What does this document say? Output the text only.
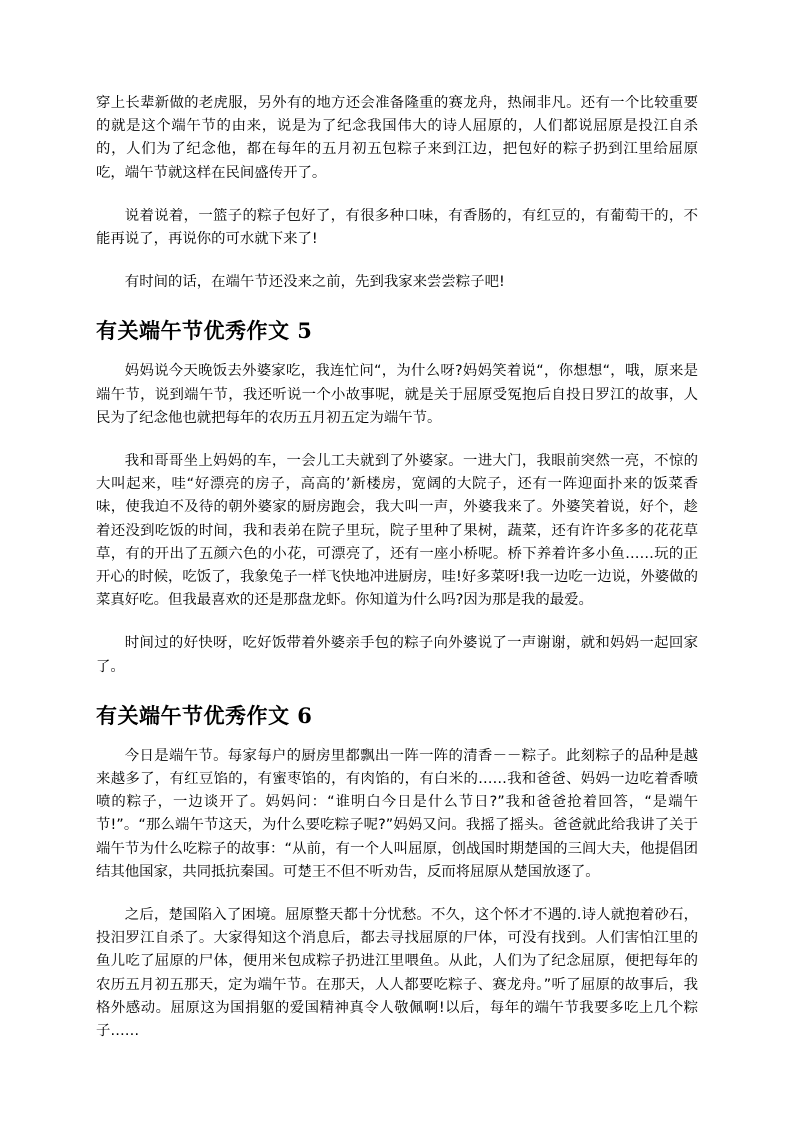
穿上长辈新做的老虎服，另外有的地方还会准备隆重的赛龙舟，热闹非凡。还有一个比较重要的就是这个端午节的由来，说是为了纪念我国伟大的诗人屈原的，人们都说屈原是投江自杀的，人们为了纪念他，都在每年的五月初五包粽子来到江边，把包好的粽子扔到江里给屈原吃，端午节就这样在民间盛传开了。

说着说着，一篮子的粽子包好了，有很多种口味，有香肠的，有红豆的，有葡萄干的，不能再说了，再说你的可水就下来了!

有时间的话，在端午节还没来之前，先到我家来尝尝粽子吧!

有关端午节优秀作文 5

妈妈说今天晚饭去外婆家吃，我连忙问“，为什么呀?妈妈笑着说“，你想想“，哦，原来是端午节，说到端午节，我还听说一个小故事呢，就是关于屈原受冤抱后自投日罗江的故事，人民为了纪念他也就把每年的农历五月初五定为端午节。

我和哥哥坐上妈妈的车，一会儿工夫就到了外婆家。一进大门，我眼前突然一亮，不惊的大叫起来，哇“好漂亮的房子，高高的’新楼房，宽阔的大院子，还有一阵迎面扑来的饭菜香味，使我迫不及待的朝外婆家的厨房跑会，我大叫一声，外婆我来了。外婆笑着说，好个，趁着还没到吃饭的时间，我和表弟在院子里玩，院子里种了果树，蔬菜，还有许许多多的花花草草，有的开出了五颜六色的小花，可漂亮了，还有一座小桥呢。桥下养着许多小鱼……玩的正开心的时候，吃饭了，我象兔子一样飞快地冲进厨房，哇!好多菜呀!我一边吃一边说，外婆做的菜真好吃。但我最喜欢的还是那盘龙虾。你知道为什么吗?因为那是我的最爱。

时间过的好快呀，吃好饭带着外婆亲手包的粽子向外婆说了一声谢谢，就和妈妈一起回家了。

有关端午节优秀作文 6

今日是端午节。每家每户的厨房里都飘出一阵一阵的清香－－粽子。此刻粽子的品种是越来越多了，有红豆馅的，有蜜枣馅的，有肉馅的，有白米的……我和爸爸、妈妈一边吃着香喷喷的粽子，一边谈开了。妈妈问：“谁明白今日是什么节日?”我和爸爸抢着回答，“是端午节!”。“那么端午节这天，为什么要吃粽子呢?”妈妈又问。我摇了摇头。爸爸就此给我讲了关于端午节为什么吃粽子的故事：“从前，有一个人叫屈原，创战国时期楚国的三闾大夫，他提倡团结其他国家，共同抵抗秦国。可楚王不但不听劝告，反而将屈原从楚国放逐了。

之后，楚国陷入了困境。屈原整天都十分忧愁。不久，这个怀才不遇的.诗人就抱着砂石，投汨罗江自杀了。大家得知这个消息后，都去寻找屈原的尸体，可没有找到。人们害怕江里的鱼儿吃了屈原的尸体，便用米包成粽子扔进江里喂鱼。从此，人们为了纪念屈原，便把每年的农历五月初五那天，定为端午节。在那天，人人都要吃粽子、赛龙舟。”听了屈原的故事后，我格外感动。屈原这为国捐躯的爱国精神真令人敬佩啊!以后，每年的端午节我要多吃上几个粽子……
